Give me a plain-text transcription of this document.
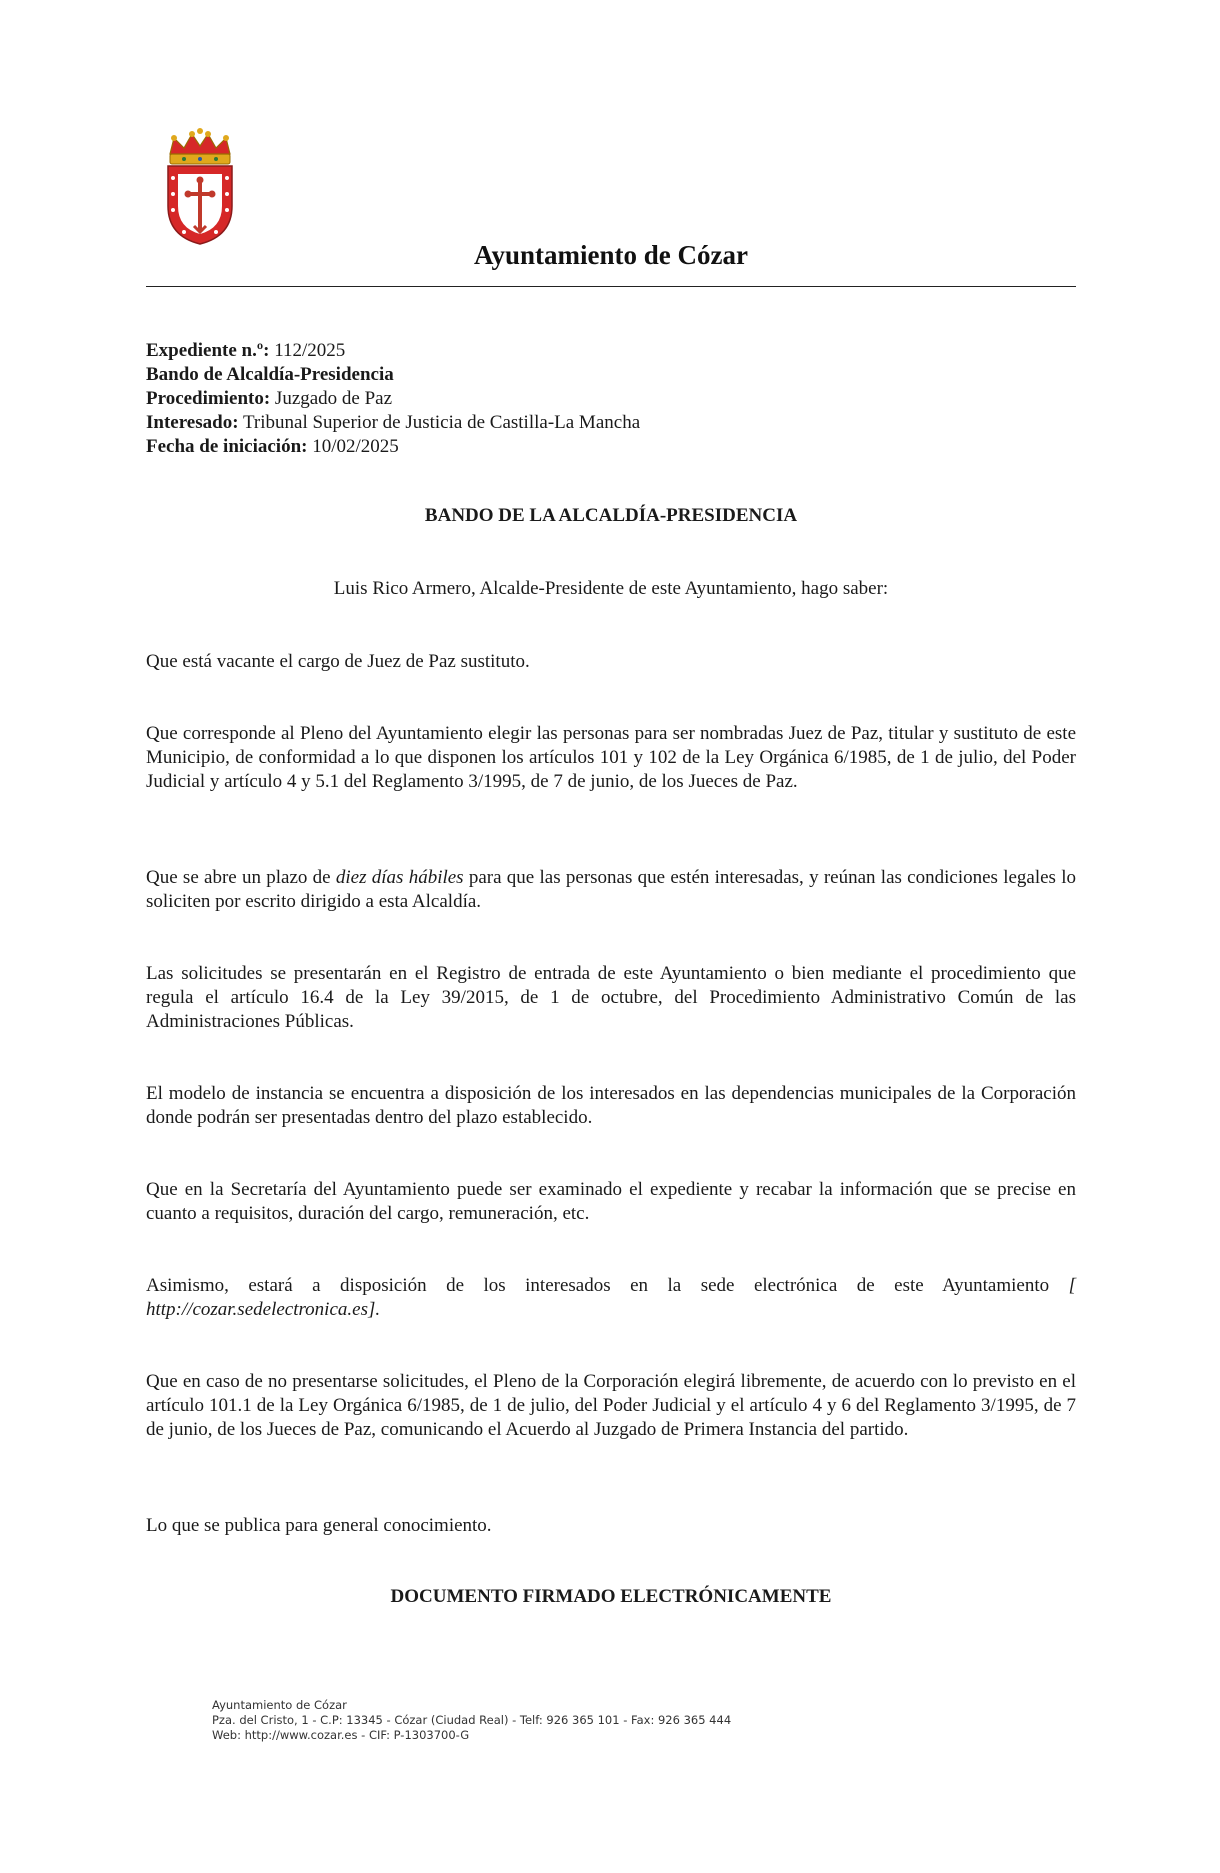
Ayuntamiento de Cózar
Expediente n.º: 112/2025
Bando de Alcaldía-Presidencia
Procedimiento: Juzgado de Paz
Interesado: Tribunal Superior de Justicia de Castilla-La Mancha
Fecha de iniciación: 10/02/2025
BANDO DE LA ALCALDÍA-PRESIDENCIA
Luis Rico Armero, Alcalde-Presidente de este Ayuntamiento, hago saber:

Que está vacante el cargo de Juez de Paz sustituto.

Que corresponde al Pleno del Ayuntamiento elegir las personas para ser nombradas Juez de Paz, titular y sustituto de este Municipio, de conformidad a lo que disponen los artículos 101 y 102 de la Ley Orgánica 6/1985, de 1 de julio, del Poder Judicial y artículo 4 y 5.1 del Reglamento 3/1995, de 7 de junio, de los Jueces de Paz.

Que se abre un plazo de diez días hábiles para que las personas que estén interesadas, y reúnan las condiciones legales lo soliciten por escrito dirigido a esta Alcaldía.

Las solicitudes se presentarán en el Registro de entrada de este Ayuntamiento o bien mediante el procedimiento que regula el artículo 16.4 de la Ley 39/2015, de 1 de octubre, del Procedimiento Administrativo Común de las Administraciones Públicas.

El modelo de instancia se encuentra a disposición de los interesados en las dependencias municipales de la Corporación donde podrán ser presentadas dentro del plazo establecido.

Que en la Secretaría del Ayuntamiento puede ser examinado el expediente y recabar la información que se precise en cuanto a requisitos, duración del cargo, remuneración, etc.

Asimismo, estará a disposición de los interesados en la sede electrónica de este Ayuntamiento [ http://cozar.sedelectronica.es].

Que en caso de no presentarse solicitudes, el Pleno de la Corporación elegirá libremente, de acuerdo con lo previsto en el artículo 101.1 de la Ley Orgánica 6/1985, de 1 de julio, del Poder Judicial y el artículo 4 y 6 del Reglamento 3/1995, de 7 de junio, de los Jueces de Paz, comunicando el Acuerdo al Juzgado de Primera Instancia del partido.

Lo que se publica para general conocimiento.

DOCUMENTO FIRMADO ELECTRÓNICAMENTE
Ayuntamiento de Cózar
Pza. del Cristo, 1 - C.P: 13345 - Cózar (Ciudad Real) - Telf: 926 365 101 - Fax: 926 365 444
Web: http://www.cozar.es - CIF: P-1303700-G
